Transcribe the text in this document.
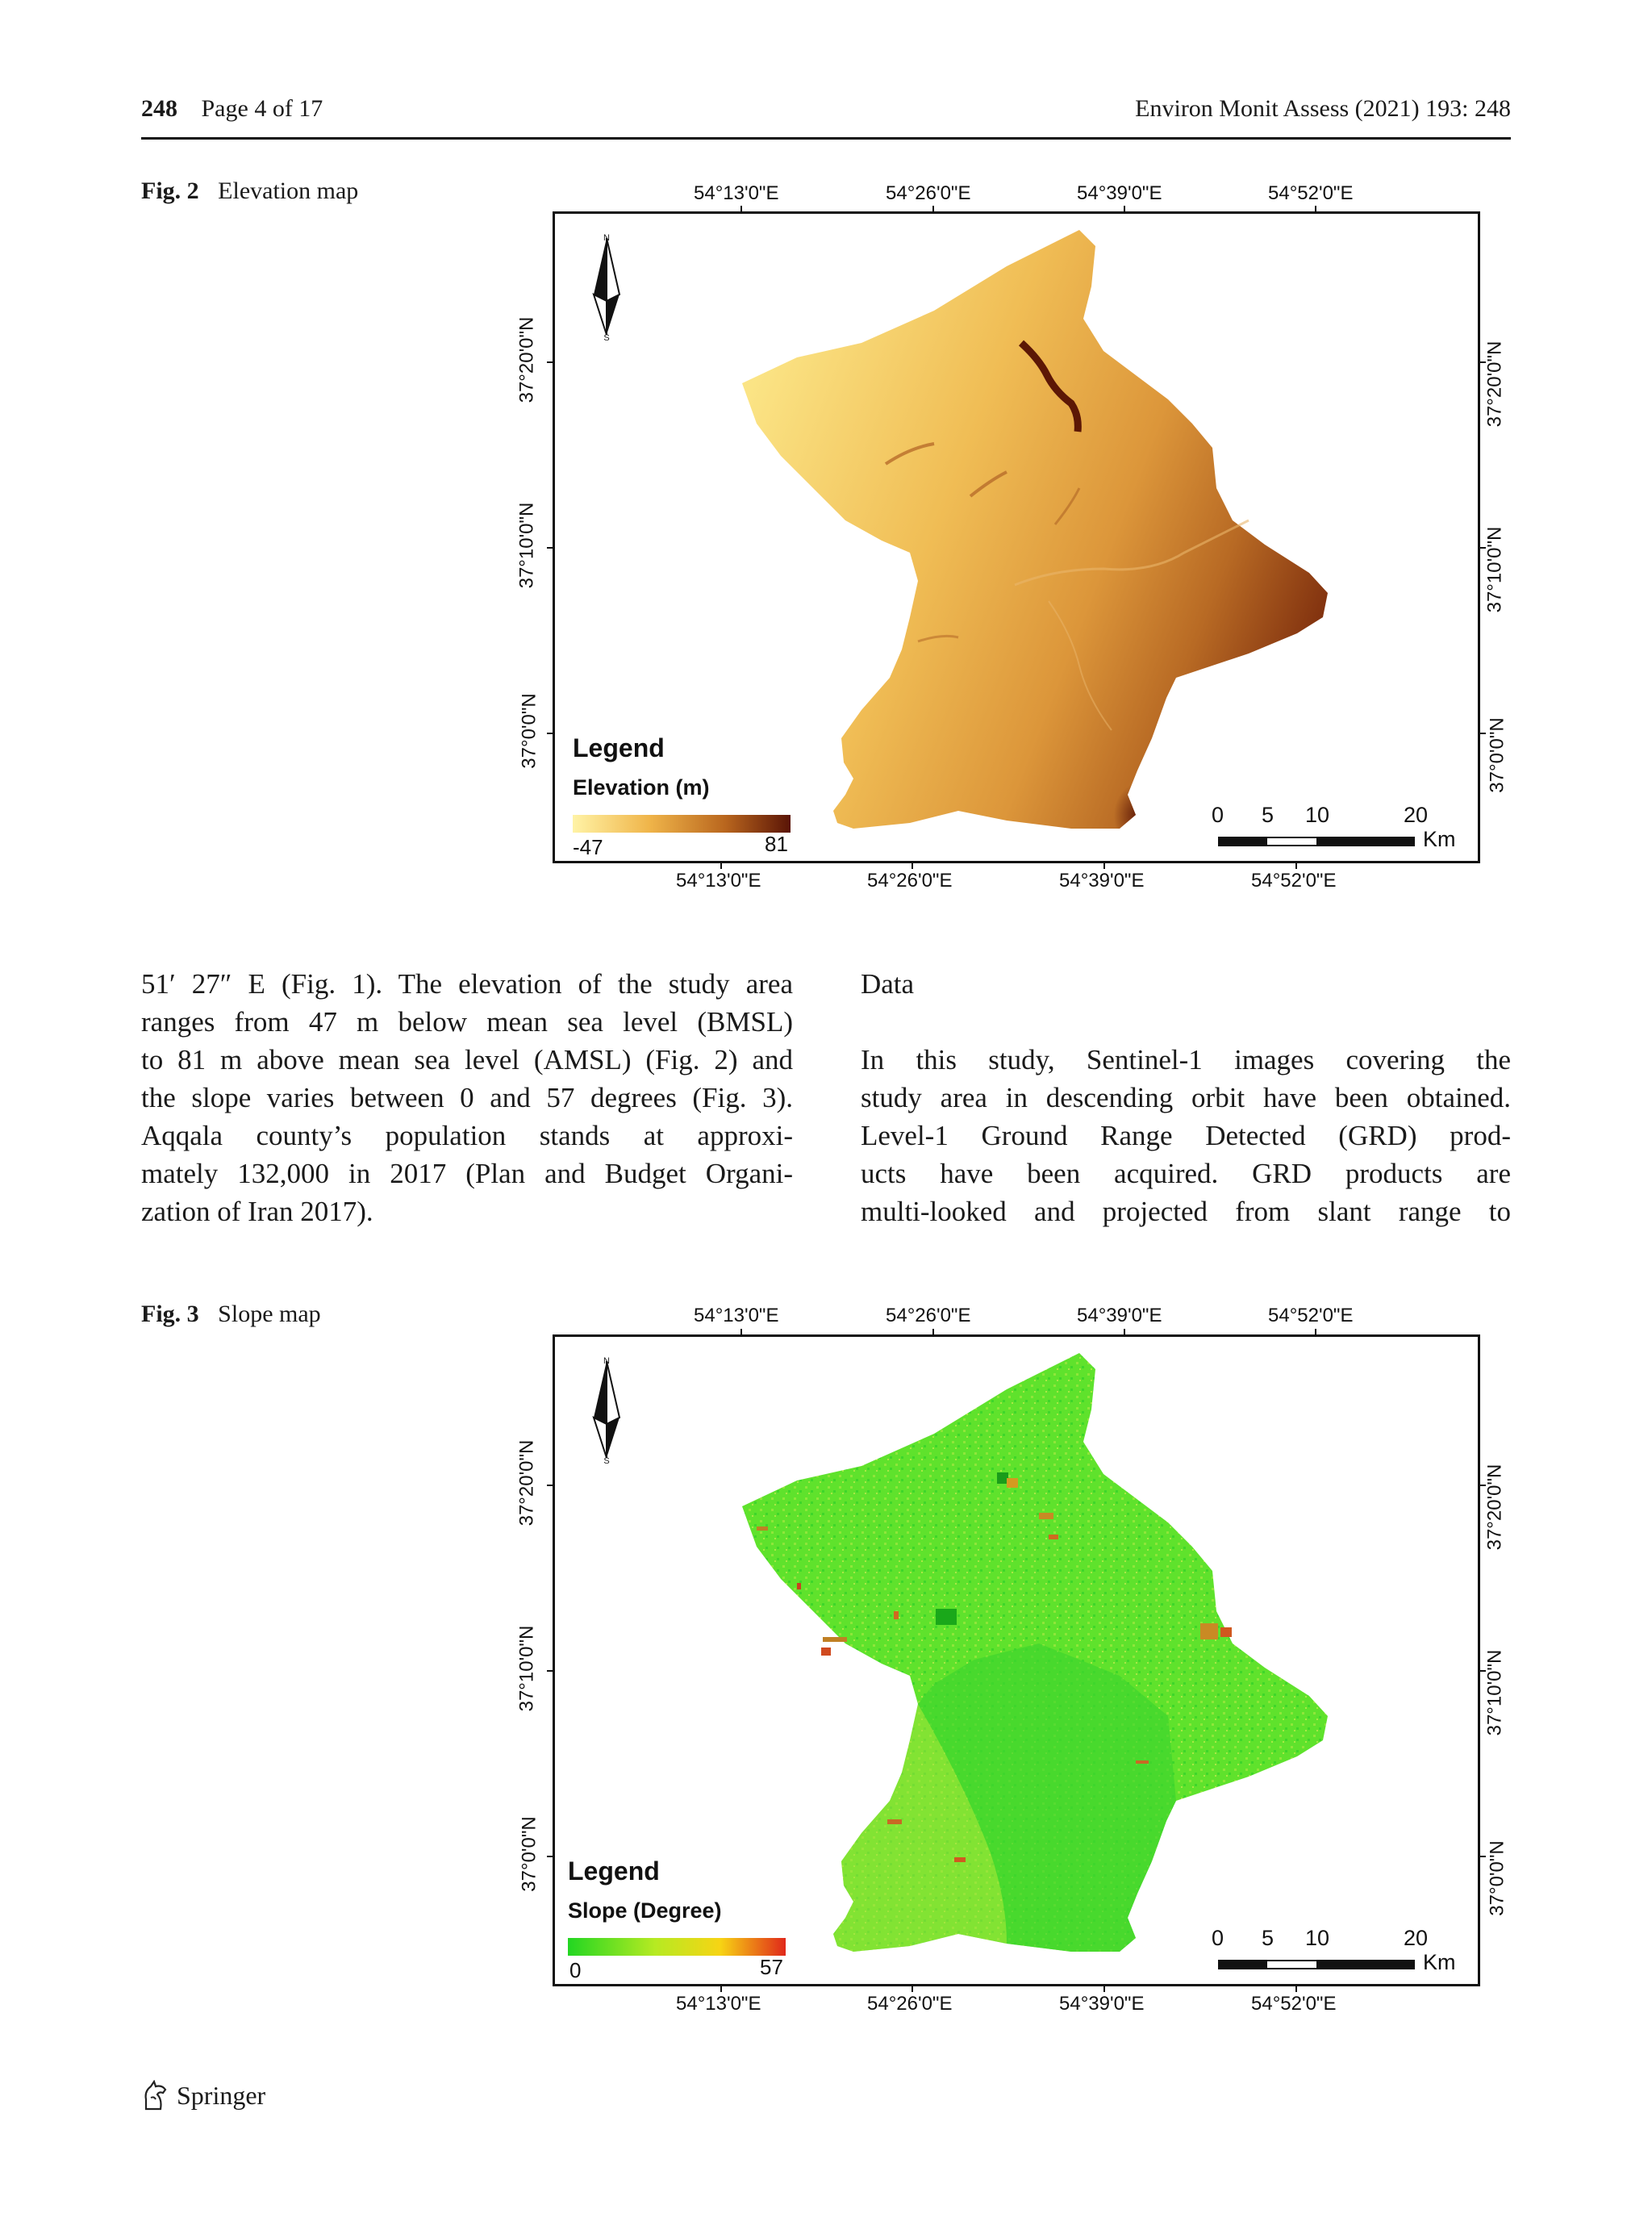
248 Page 4 of 17	Environ Monit Assess (2021) 193: 248
Fig. 2 Elevation map	54°13'0"E	54°26'0"E	54°39'0"E	54°52'0"E
N
S
Legend
Elevation (m)
-47	81
0 5 10	20
Km
54°13'0"E	54°26'0"E	54°39'0"E	54°52'0"E
37°20'0"N
37°10'0"N
37°0'0"N
37°20'0"N
37°10'0"N
37°0'0"N
51′ 27″ E (Fig. 1). The elevation of the study area
ranges from 47 m below mean sea level (BMSL)
to 81 m above mean sea level (AMSL) (Fig. 2) and
the slope varies between 0 and 57 degrees (Fig. 3).
Aqqala county’s population stands at approxi-
mately 132,000 in 2017 (Plan and Budget Organi-
zation of Iran 2017).
Data
In this study, Sentinel-1 images covering the
study area in descending orbit have been obtained.
Level-1 Ground Range Detected (GRD) prod-
ucts have been acquired. GRD products are
multi-looked and projected from slant range to
Fig. 3 Slope map	54°13'0"E	54°26'0"E	54°39'0"E	54°52'0"E
N
S
Legend
Slope (Degree)
0	57
0 5 10	20
Km
54°13'0"E	54°26'0"E	54°39'0"E	54°52'0"E
37°20'0"N
37°10'0"N
37°0'0"N
37°20'0"N
37°10'0"N
37°0'0"N
Springer
